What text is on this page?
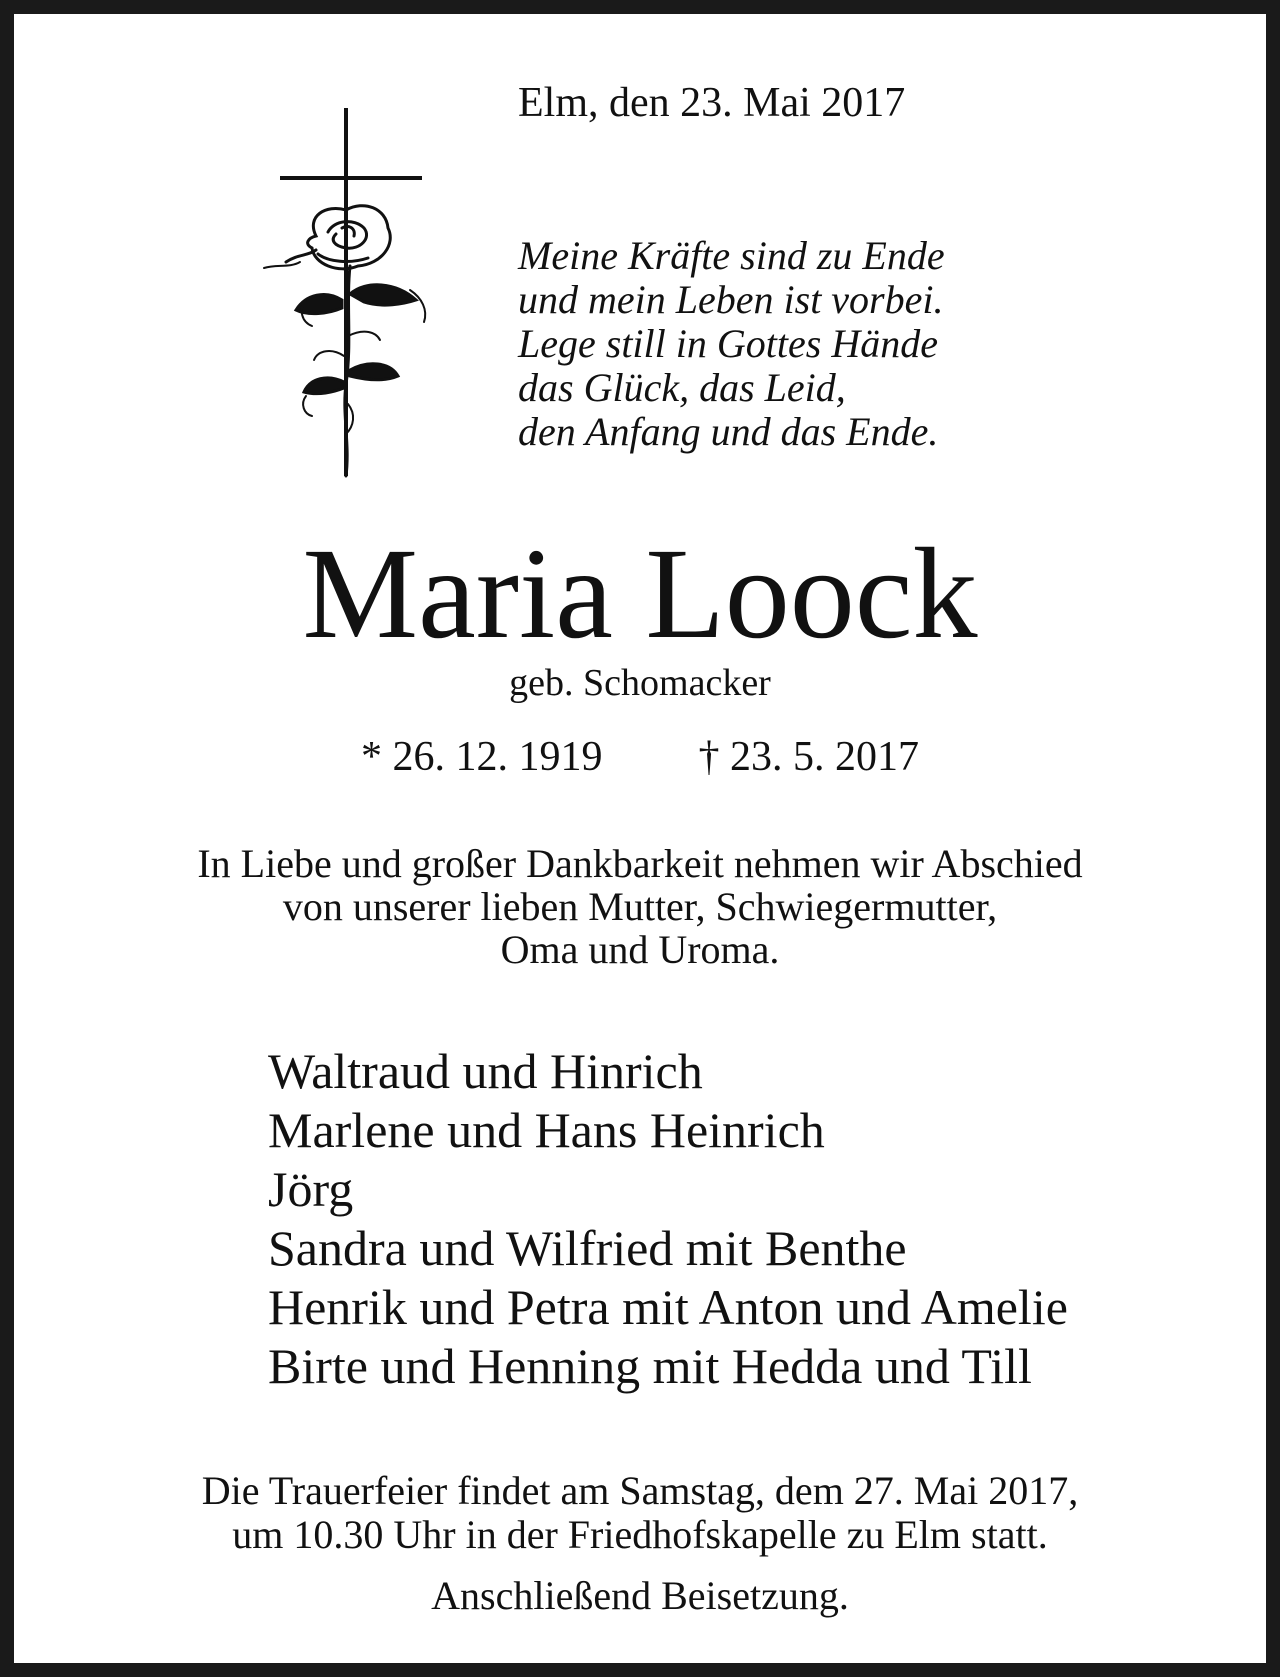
Elm, den 23. Mai 2017
Meine Kräfte sind zu Ende
und mein Leben ist vorbei.
Lege still in Gottes Hände
das Glück, das Leid,
den Anfang und das Ende.
Maria Loock
geb. Schomacker
* 26. 12. 1919 † 23. 5. 2017
In Liebe und großer Dankbarkeit nehmen wir Abschied
von unserer lieben Mutter, Schwiegermutter,
Oma und Uroma.
Waltraud und Hinrich
Marlene und Hans Heinrich
Jörg
Sandra und Wilfried mit Benthe
Henrik und Petra mit Anton und Amelie
Birte und Henning mit Hedda und Till
Die Trauerfeier findet am Samstag, dem 27. Mai 2017,
um 10.30 Uhr in der Friedhofskapelle zu Elm statt.
Anschließend Beisetzung.
